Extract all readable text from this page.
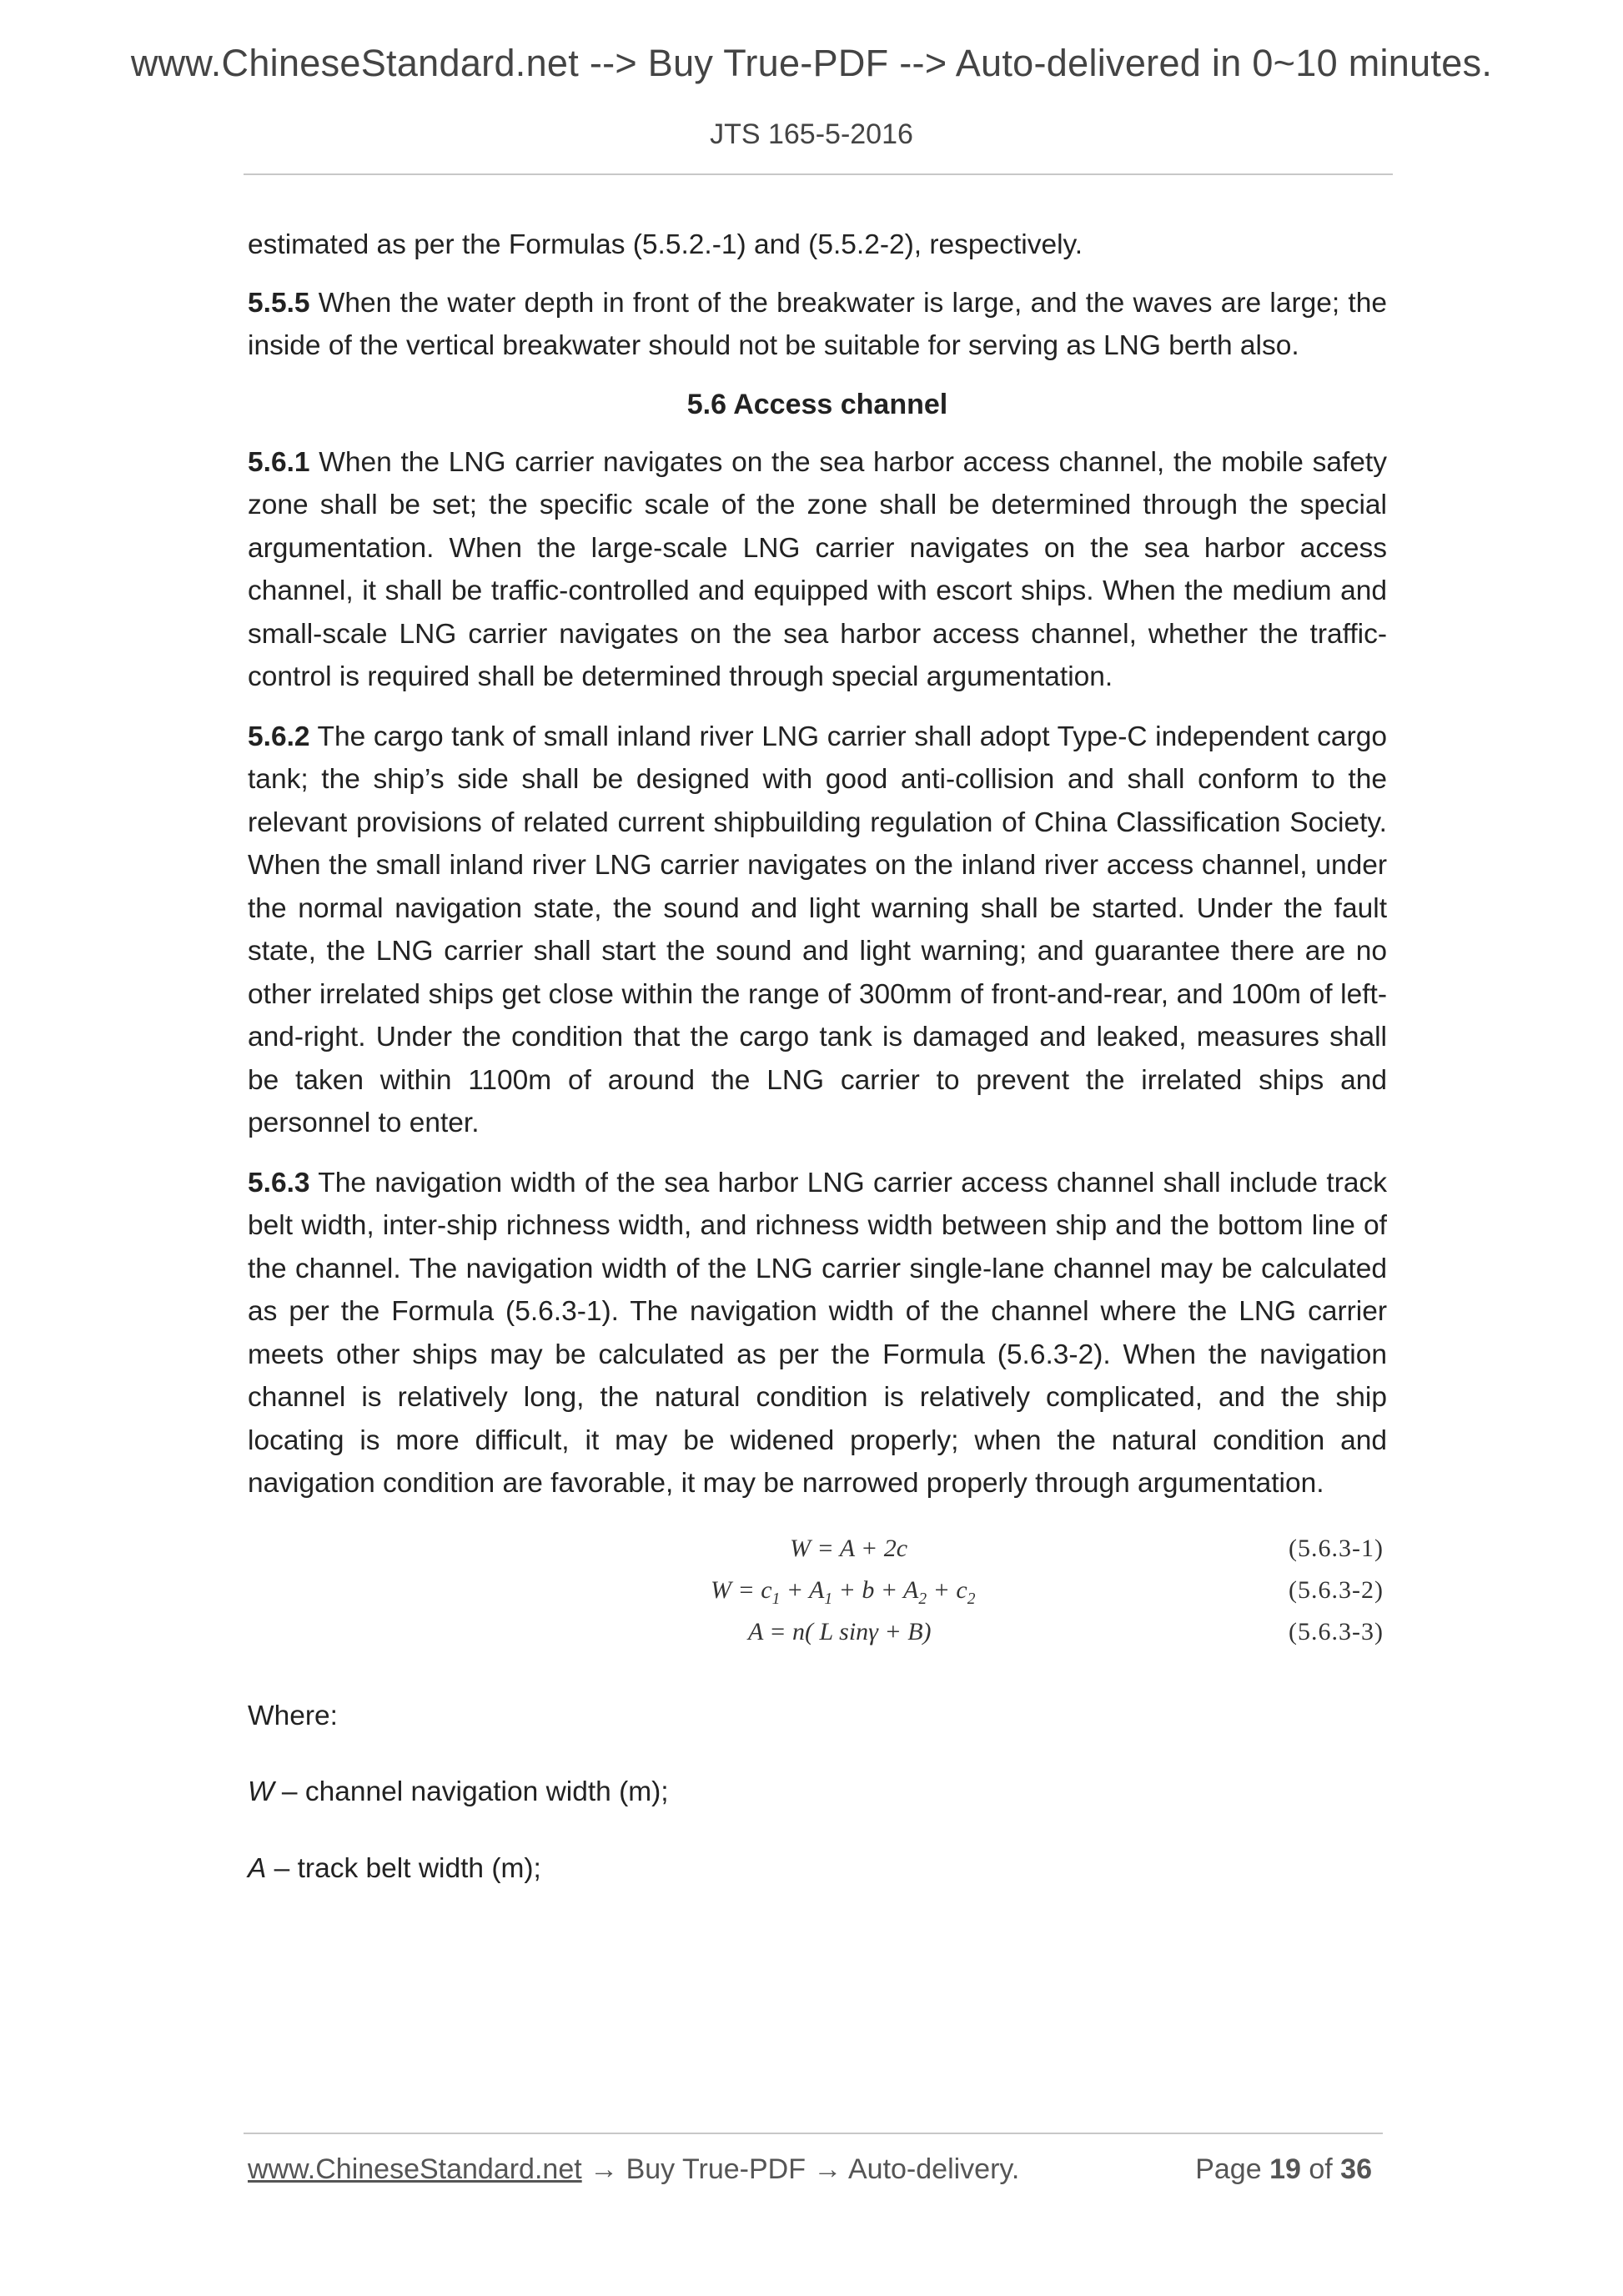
www.ChineseStandard.net --> Buy True-PDF --> Auto-delivered in 0~10 minutes.
JTS 165-5-2016

estimated as per the Formulas (5.5.2.-1) and (5.5.2-2), respectively.

5.5.5 When the water depth in front of the breakwater is large, and the waves are large; the inside of the vertical breakwater should not be suitable for serving as LNG berth also.

5.6 Access channel

5.6.1 When the LNG carrier navigates on the sea harbor access channel, the mobile safety zone shall be set; the specific scale of the zone shall be determined through the special argumentation. When the large-scale LNG carrier navigates on the sea harbor access channel, it shall be traffic-controlled and equipped with escort ships. When the medium and small-scale LNG carrier navigates on the sea harbor access channel, whether the traffic-control is required shall be determined through special argumentation.

5.6.2 The cargo tank of small inland river LNG carrier shall adopt Type-C independent cargo tank; the ship’s side shall be designed with good anti-collision and shall conform to the relevant provisions of related current shipbuilding regulation of China Classification Society. When the small inland river LNG carrier navigates on the inland river access channel, under the normal navigation state, the sound and light warning shall be started. Under the fault state, the LNG carrier shall start the sound and light warning; and guarantee there are no other irrelated ships get close within the range of 300mm of front-and-rear, and 100m of left-and-right. Under the condition that the cargo tank is damaged and leaked, measures shall be taken within 1100m of around the LNG carrier to prevent the irrelated ships and personnel to enter.

5.6.3 The navigation width of the sea harbor LNG carrier access channel shall include track belt width, inter-ship richness width, and richness width between ship and the bottom line of the channel. The navigation width of the LNG carrier single-lane channel may be calculated as per the Formula (5.6.3-1). The navigation width of the channel where the LNG carrier meets other ships may be calculated as per the Formula (5.6.3-2). When the navigation channel is relatively long, the natural condition is relatively complicated, and the ship locating is more difficult, it may be widened properly; when the natural condition and navigation condition are favorable, it may be narrowed properly through argumentation.

W = A + 2c	(5.6.3-1)
$W = c_1 + A_1 + b + A_2 + c_2$	(5.6.3-2)
A = n( L sinγ + B)	(5.6.3-3)

Where:

W – channel navigation width (m);

A – track belt width (m);

www.ChineseStandard.net → Buy True-PDF → Auto-delivery.	Page 19 of 36
